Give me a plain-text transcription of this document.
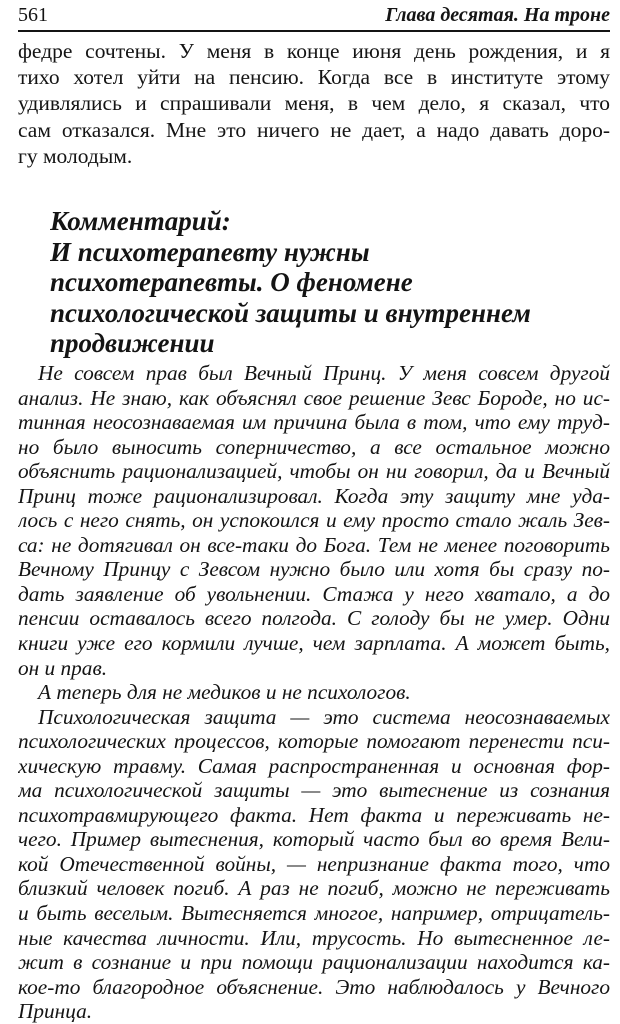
561	Глава десятая. На троне
федре сочтены. У меня в конце июня день рождения, и я
тихо хотел уйти на пенсию. Когда все в институте этому
удивлялись и спрашивали меня, в чем дело, я сказал, что
сам отказался. Мне это ничего не дает, а надо давать доро-
гу молодым.
Комментарий:
И психотерапевту нужны
психотерапевты. О феномене
психологической защиты и внутреннем
продвижении
Не совсем прав был Вечный Принц. У меня совсем другой
анализ. Не знаю, как объяснял свое решение Зевс Бороде, но ис-
тинная неосознаваемая им причина была в том, что ему труд-
но было выносить соперничество, а все остальное можно
объяснить рационализацией, чтобы он ни говорил, да и Вечный
Принц тоже рационализировал. Когда эту защиту мне уда-
лось с него снять, он успокоился и ему просто стало жаль Зев-
са: не дотягивал он все-таки до Бога. Тем не менее поговорить
Вечному Принцу с Зевсом нужно было или хотя бы сразу по-
дать заявление об увольнении. Стажа у него хватало, а до
пенсии оставалось всего полгода. С голоду бы не умер. Одни
книги уже его кормили лучше, чем зарплата. А может быть,
он и прав.
А теперь для не медиков и не психологов.
Психологическая защита — это система неосознаваемых
психологических процессов, которые помогают перенести пси-
хическую травму. Самая распространенная и основная фор-
ма психологической защиты — это вытеснение из сознания
психотравмирующего факта. Нет факта и переживать не-
чего. Пример вытеснения, который часто был во время Вели-
кой Отечественной войны, — непризнание факта того, что
близкий человек погиб. А раз не погиб, можно не переживать
и быть веселым. Вытесняется многое, например, отрицатель-
ные качества личности. Или, трусость. Но вытесненное ле-
жит в сознание и при помощи рационализации находится ка-
кое-то благородное объяснение. Это наблюдалось у Вечного
Принца.
